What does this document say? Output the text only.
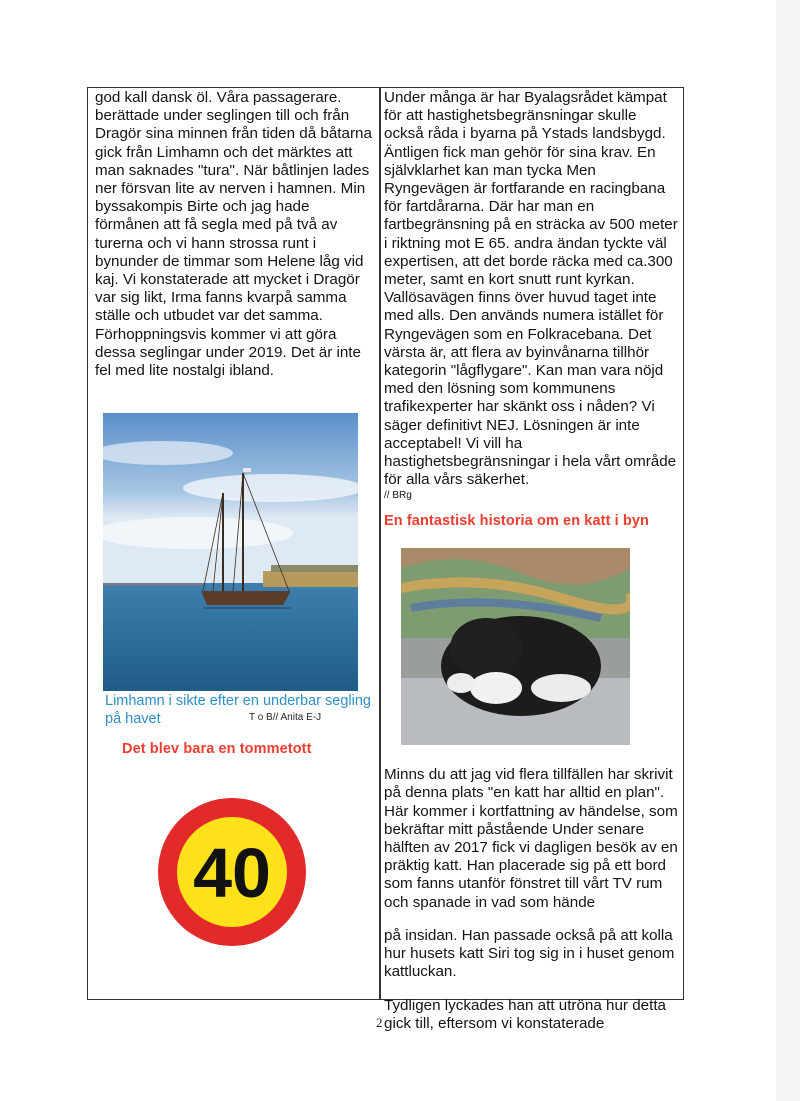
god kall dansk öl. Våra passagerare. berättade under seglingen till och från Dragör sina minnen från tiden då båtarna gick från Limhamn och det märktes att man saknades "tura". När båtlinjen lades ner försvan lite av nerven i hamnen. Min byssakompis Birte och jag hade förmånen att få segla med på två av turerna och vi hann strossa runt i bynunder de timmar som Helene låg vid kaj. Vi konstaterade att mycket i Dragör var sig likt, Irma fanns kvarpå samma ställe och utbudet var det samma. Förhoppningsvis kommer vi att göra dessa seglingar under 2019. Det är inte fel med lite nostalgi ibland.

Limhamn i sikte efter en underbar segling på havet	T o B// Anita E-J
Det blev bara en tommetott
40

Under många är har Byalagsrådet kämpat för att hastighetsbegränsningar skulle också råda i byarna på Ystads landsbygd. Äntligen fick man gehör för sina krav. En självklarhet kan man tycka Men Ryngevägen är fortfarande en racingbana för fartdårarna. Där har man en fartbegränsning på en sträcka av 500 meter i riktning mot E 65. andra ändan tyckte väl expertisen, att det borde räcka med ca.300 meter, samt en kort snutt runt kyrkan. Vallösavägen finns över huvud taget inte med alls. Den används numera istället för Ryngevägen som en Folkracebana. Det värsta är, att flera av byinvånarna tillhör kategorin "lågflygare". Kan man vara nöjd med den lösning som kommunens trafikexperter har skänkt oss i nåden? Vi säger definitivt NEJ. Lösningen är inte acceptabel! Vi vill ha hastighetsbegränsningar i hela vårt område för alla vårs säkerhet.

// BRg

En fantastisk historia om en katt i byn

Minns du att jag vid flera tillfällen har skrivit på denna plats "en katt har alltid en plan". Här kommer i kortfattning av händelse, som bekräftar mitt påstående Under senare hälften av 2017 fick vi dagligen besök av en präktig katt. Han placerade sig på ett bord som fanns utanför fönstret till vårt TV rum och spanade in vad som hände

på insidan. Han passade också på att kolla hur husets katt Siri tog sig in i huset genom kattluckan.

Tydligen lyckades han att utröna hur detta gick till, eftersom vi konstaterade

2
